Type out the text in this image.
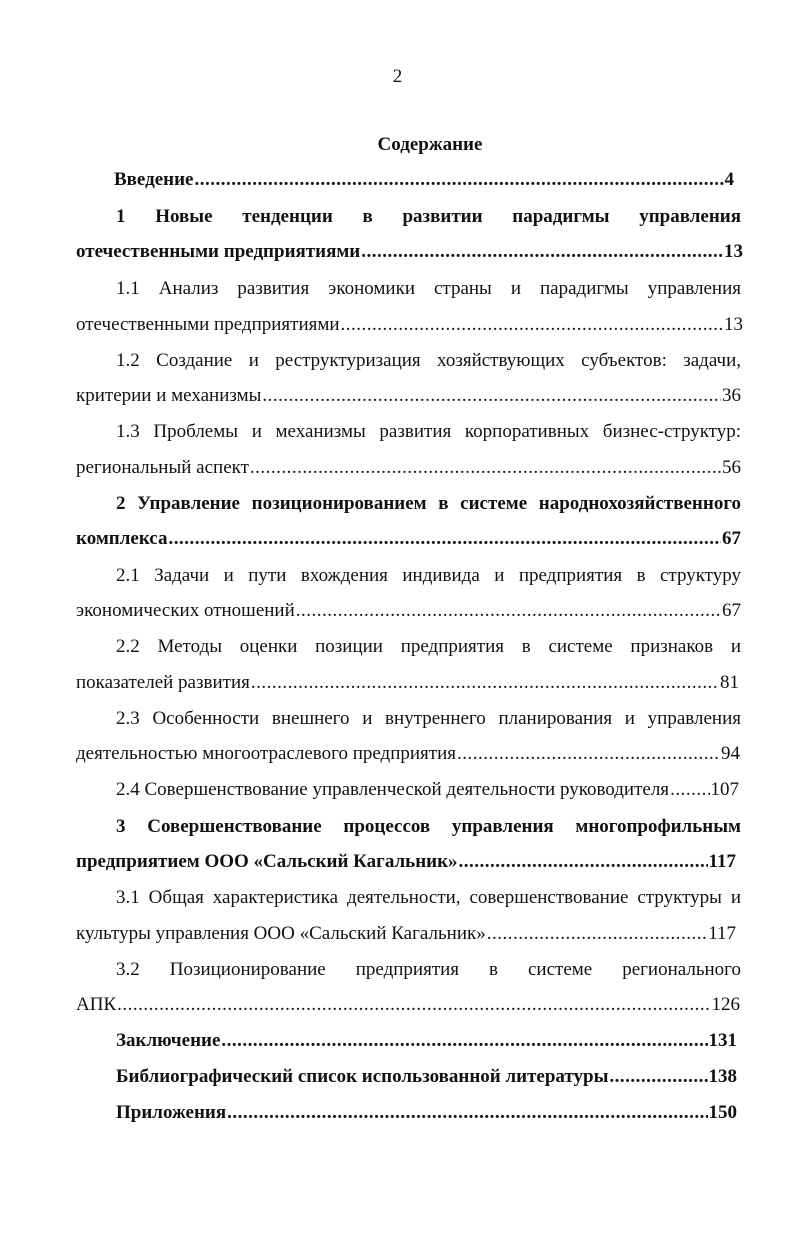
2
Содержание
Введение .....	4
1 Новые тенденции в развитии парадигмы управления
отечественными предприятиями .....	13
1.1 Анализ развития экономики страны и парадигмы управления
отечественными предприятиями .....	13
1.2 Создание и реструктуризация хозяйствующих субъектов: задачи,
критерии и механизмы .....	36
1.3 Проблемы и механизмы развития корпоративных бизнес-структур:
региональный аспект .....	56
2 Управление позиционированием в системе народнохозяйственного
комплекса .....	67
2.1 Задачи и пути вхождения индивида и предприятия в структуру
экономических отношений .....	67
2.2 Методы оценки позиции предприятия в системе признаков и
показателей развития .....	81
2.3 Особенности внешнего и внутреннего планирования и управления
деятельностью многоотраслевого предприятия .....	94
2.4 Совершенствование управленческой деятельности руководителя ..... 107
3 Совершенствование процессов управления многопрофильным
предприятием ООО «Сальский Кагальник» .....	117
3.1 Общая характеристика деятельности, совершенствование структуры и
культуры управления ООО «Сальский Кагальник» .....	117
3.2 Позиционирование предприятия в системе регионального
АПК .....	126
Заключение .....	131
Библиографический список использованной литературы .....	138
Приложения .....	150
